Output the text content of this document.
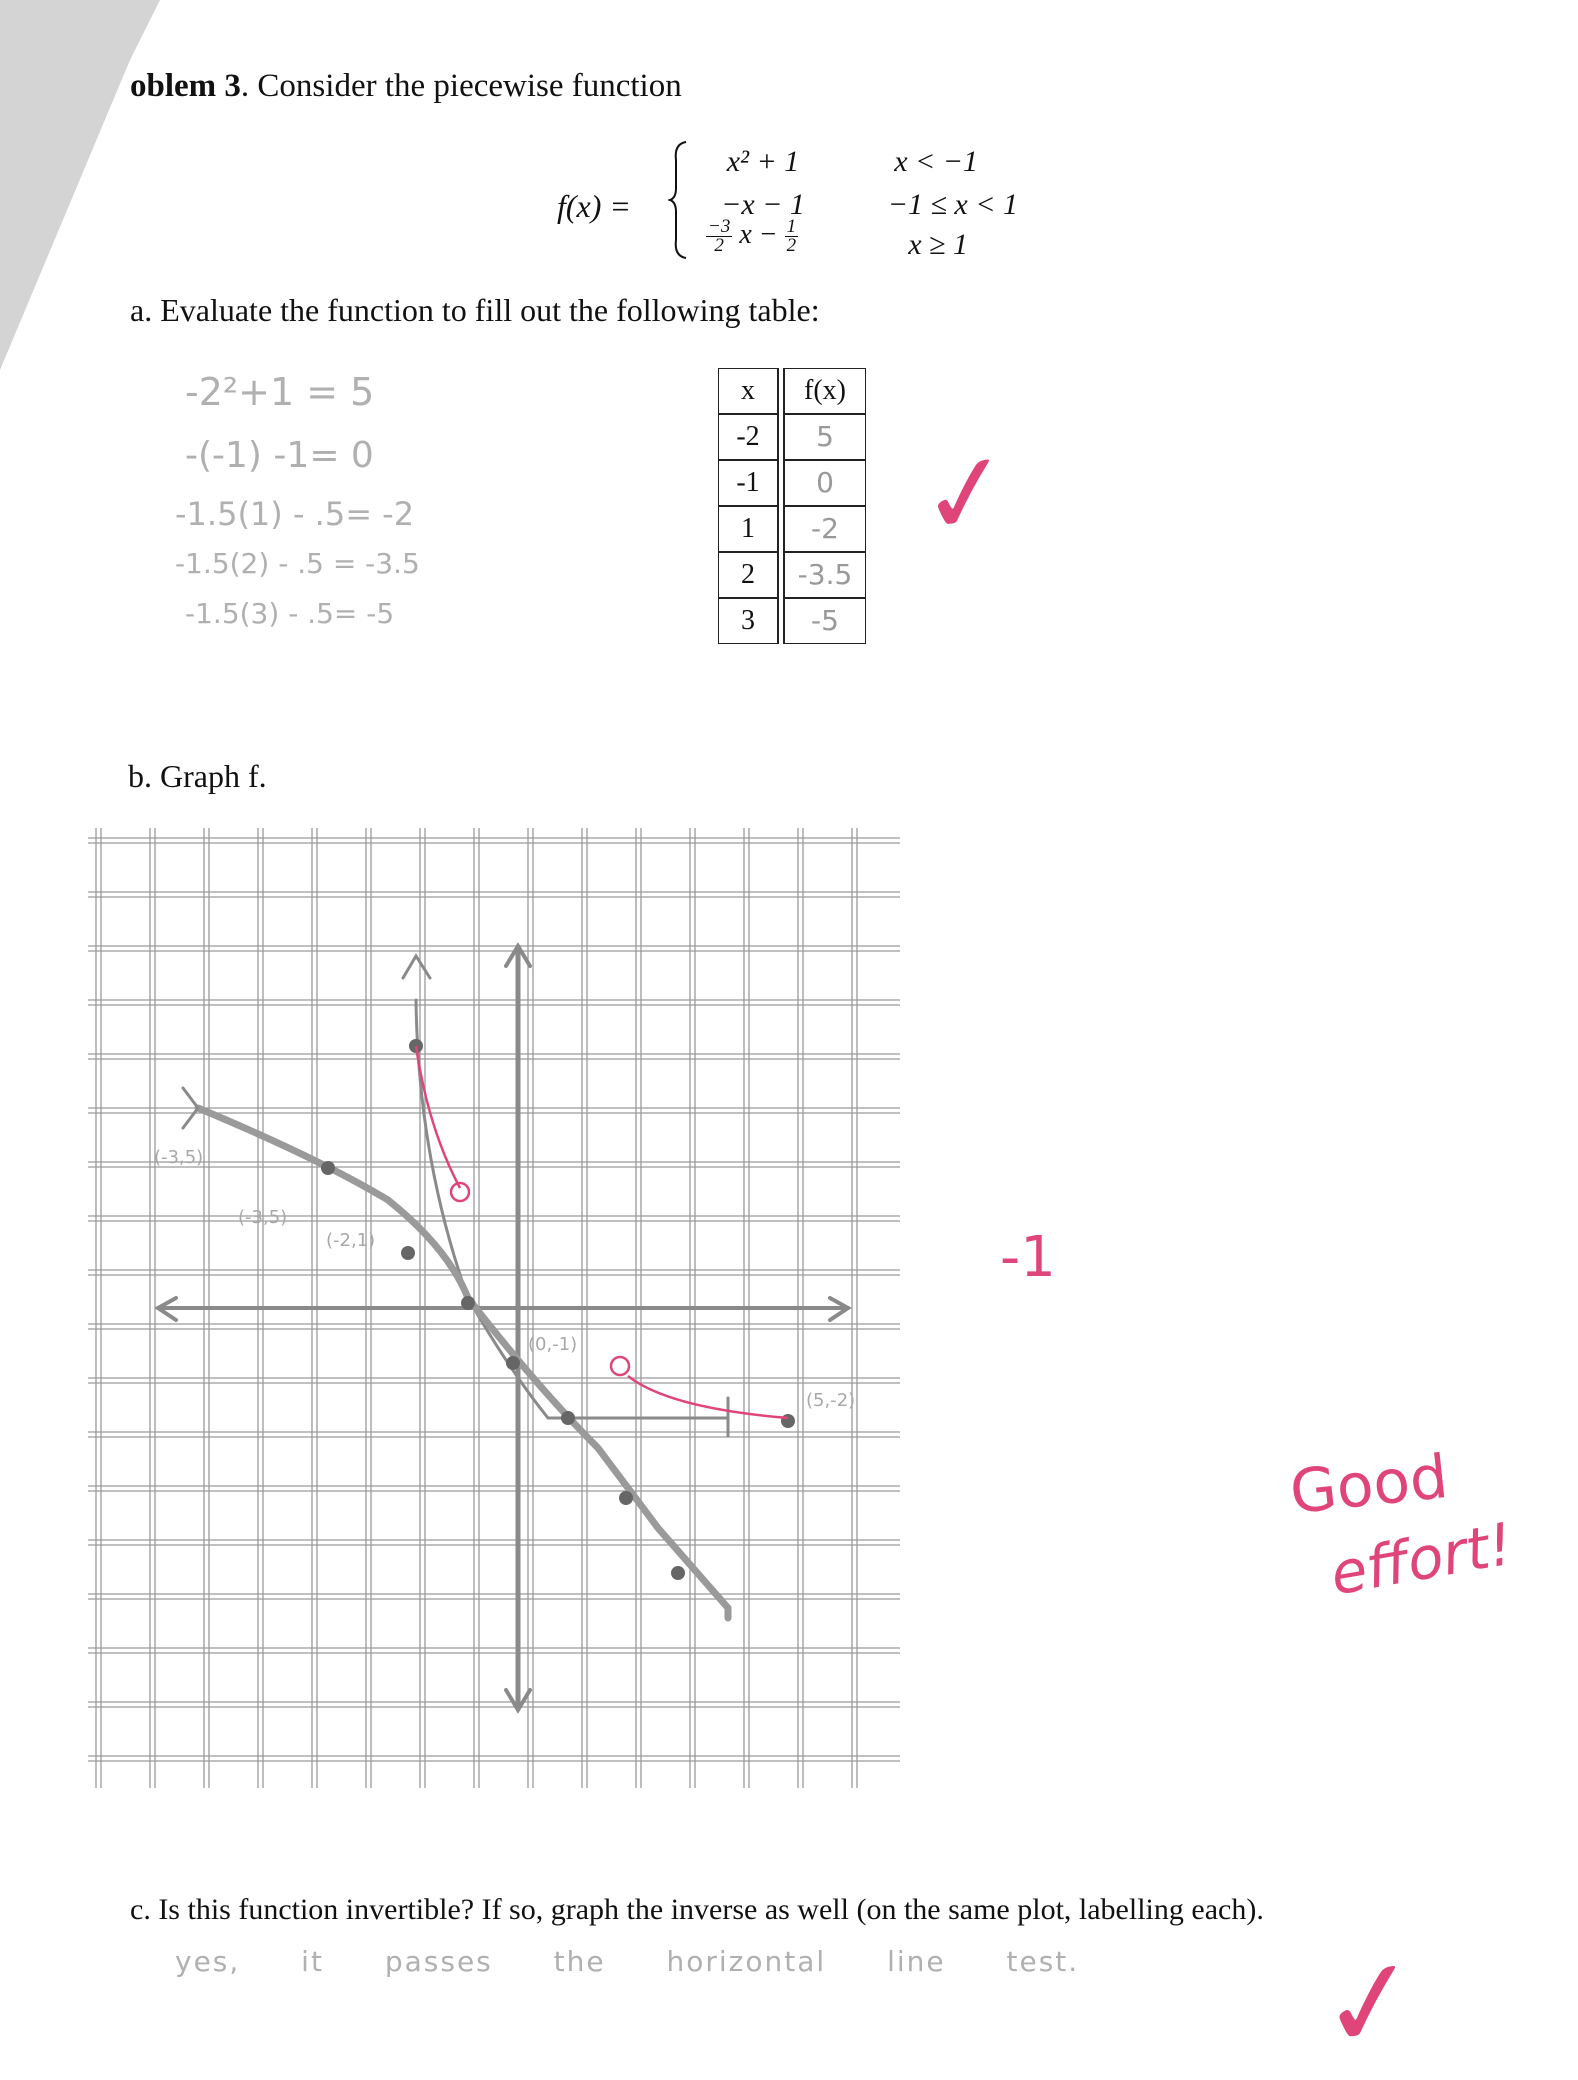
oblem 3. Consider the piecewise function
f(x) =
x² + 1	x < −1
−x − 1	−1 ≤ x < 1
$\frac{-3}{2}$ $x - \frac{1}{2}$	x ≥ 1
a. Evaluate the function to fill out the following table:
-2²+1 = 5
-(-1) -1= 0
-1.5(1) - .5= -2
-1.5(2) - .5 = -3.5
-1.5(3) - .5= -5
x		f(x)
-2		5
-1		0
1		-2
2		-3.5
3		-5
✓
b. Graph f.
(-3,5)
(-3,5)
(-2,1)
(0,-1)
(5,-2)
-1
Good
effort!
c. Is this function invertible? If so, graph the inverse as well (on the same plot, labelling each).
yes, it passes the horizontal line test. ✓
